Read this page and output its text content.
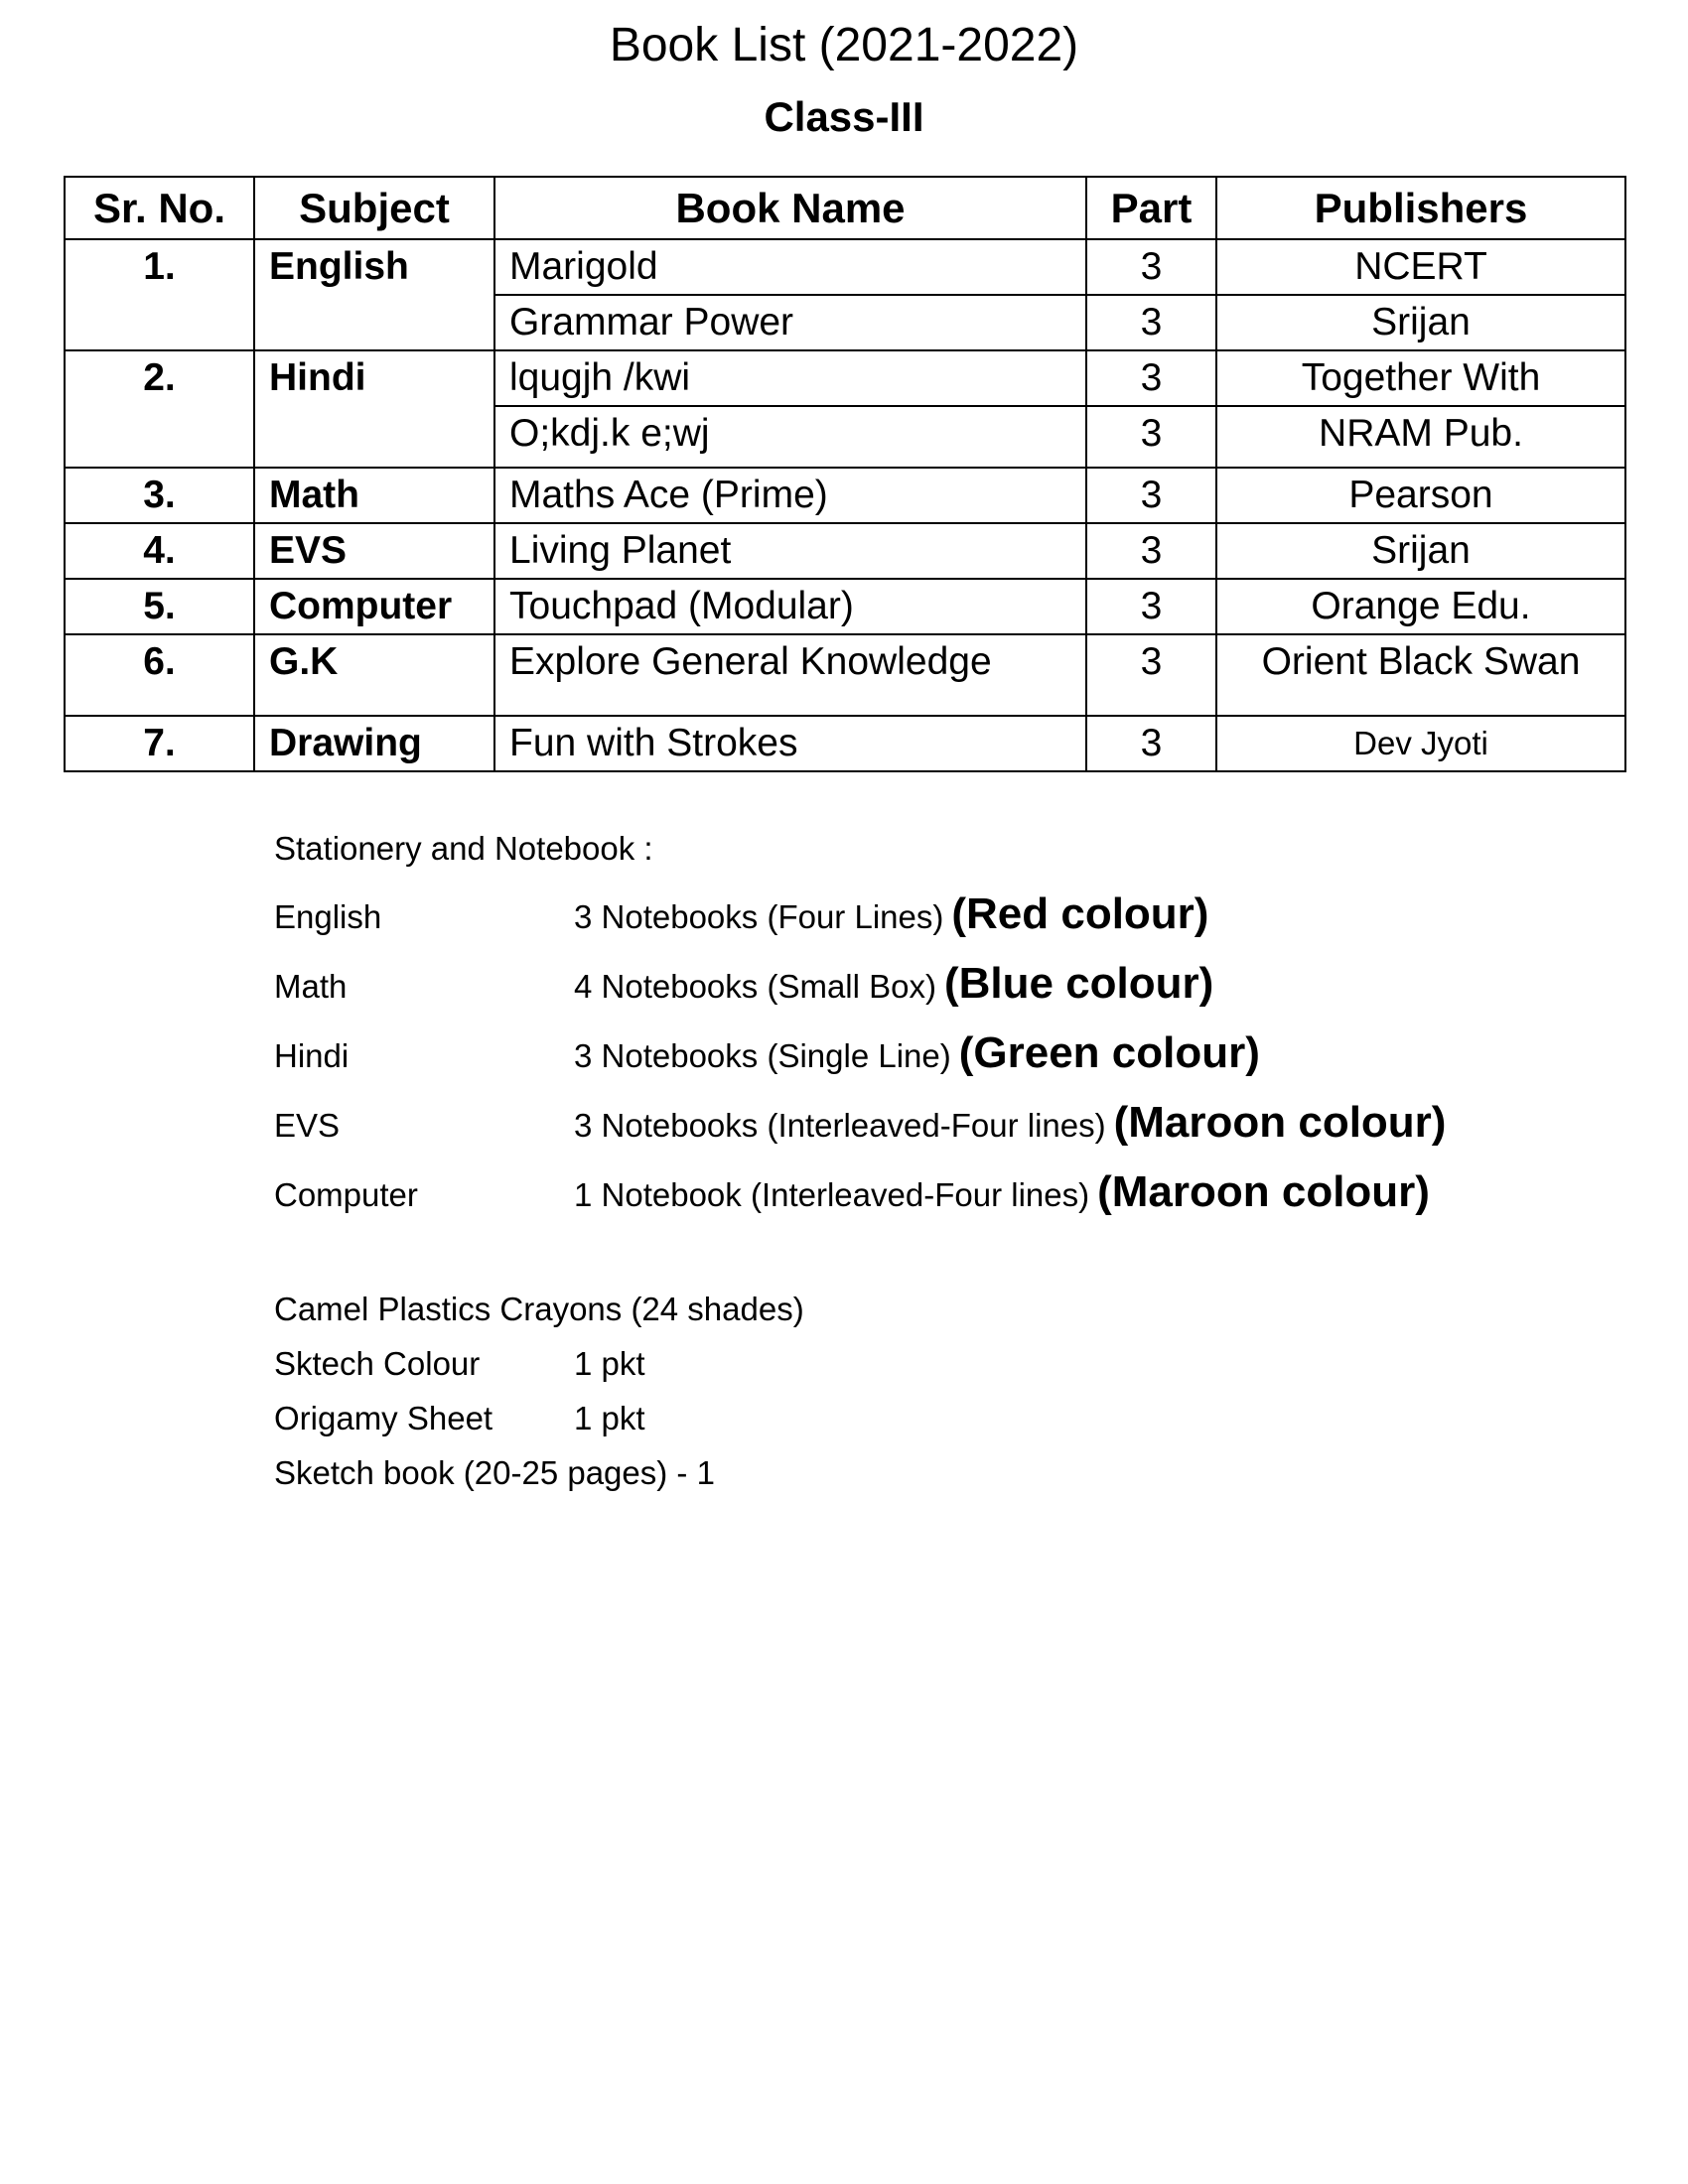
Book List (2021-2022)
Class-III
Sr. No.	Subject	Book Name	Part	Publishers
1.	English	Marigold	3	NCERT
		Grammar Power	3	Srijan
2.	Hindi	lqugjh /kwi	3	Together With
		O;kdj.k e;wj	3	NRAM Pub.
3.	Math	Maths Ace (Prime)	3	Pearson
4.	EVS	Living Planet	3	Srijan
5.	Computer	Touchpad (Modular)	3	Orange Edu.
6.	G.K	Explore General Knowledge	3	Orient Black Swan
7.	Drawing	Fun with Strokes	3	Dev Jyoti
Stationery and Notebook :
English	3 Notebooks (Four Lines) (Red colour)
Math	4 Notebooks (Small Box) (Blue colour)
Hindi	3 Notebooks (Single Line) (Green colour)
EVS	3 Notebooks (Interleaved-Four lines) (Maroon colour)
Computer	1 Notebook (Interleaved-Four lines) (Maroon colour)
Camel Plastics Crayons (24 shades)
Sktech Colour	1 pkt
Origamy Sheet	1 pkt
Sketch book (20-25 pages) - 1
